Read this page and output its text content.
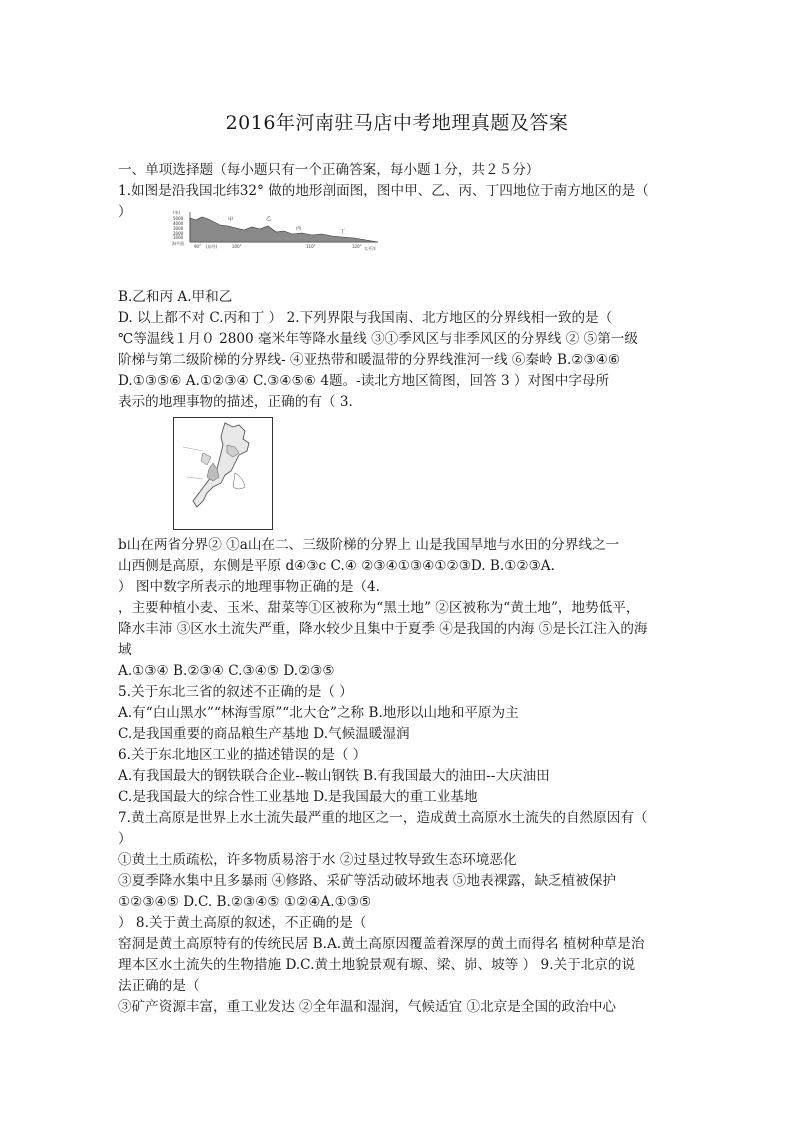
2016年河南驻马店中考地理真题及答案
一、单项选择题（每小题只有一个正确答案，每小题１分，共２５分）
1.如图是沿我国北纬32° 做的地形剖面图，图中甲、乙、丙、丁四地位于南方地区的是（
）	(米)
5000
4000
3000
2000
1000
海平面
90° (东经)	100°	110°	120°
甲	乙
丙	丁
太平洋
B.乙和丙 A.甲和乙
D. 以上都不对 C.丙和丁 ） 2.下列界限与我国南、北方地区的分界线相一致的是（
℃等温线１月０ 2800 毫米年等降水量线 ③①季风区与非季风区的分界线 ② ⑤第一级
阶梯与第二级阶梯的分界线- ④亚热带和暖温带的分界线淮河一线 ⑥秦岭 B.②③④⑥
D.①③⑤⑥ A.①②③④ C.③④⑤⑥ 4题。-读北方地区简图，回答 3 ）对图中字母所
表示的地理事物的描述，正确的有（ 3.
b山在两省分界② ①a山在二、三级阶梯的分界上 山是我国旱地与水田的分界线之一
山西侧是高原，东侧是平原 d④③c C.④ ②③④①③④①②③D. B.①②③A.
） 图中数字所表示的地理事物正确的是（4.
，主要种植小麦、玉米、甜菜等①区被称为“黑土地” ②区被称为“黄土地”，地势低平，
降水丰沛 ③区水土流失严重，降水较少且集中于夏季 ④是我国的内海 ⑤是长江注入的海
域
A.①③④ B.②③④ C.③④⑤ D.②③⑤
5.关于东北三省的叙述不正确的是（ ）
A.有“白山黑水”“林海雪原”“北大仓”之称 B.地形以山地和平原为主
C.是我国重要的商品粮生产基地 D.气候温暖湿润
6.关于东北地区工业的描述错误的是（ ）
A.有我国最大的钢铁联合企业--鞍山钢铁 B.有我国最大的油田--大庆油田
C.是我国最大的综合性工业基地 D.是我国最大的重工业基地
7.黄土高原是世界上水土流失最严重的地区之一，造成黄土高原水土流失的自然原因有（
）
①黄土土质疏松，许多物质易溶于水 ②过垦过牧导致生态环境恶化
③夏季降水集中且多暴雨 ④修路、采矿等活动破坏地表 ⑤地表裸露，缺乏植被保护
①②③④⑤ D.C. B.②③④⑤ ①②④A.①③⑤
） 8.关于黄土高原的叙述，不正确的是（
窑洞是黄土高原特有的传统民居 B.A.黄土高原因覆盖着深厚的黄土而得名 植树种草是治
理本区水土流失的生物措施 D.C.黄土地貌景观有塬、梁、峁、坡等 ） 9.关于北京的说
法正确的是（
③矿产资源丰富，重工业发达 ②全年温和湿润，气候适宜 ①北京是全国的政治中心
